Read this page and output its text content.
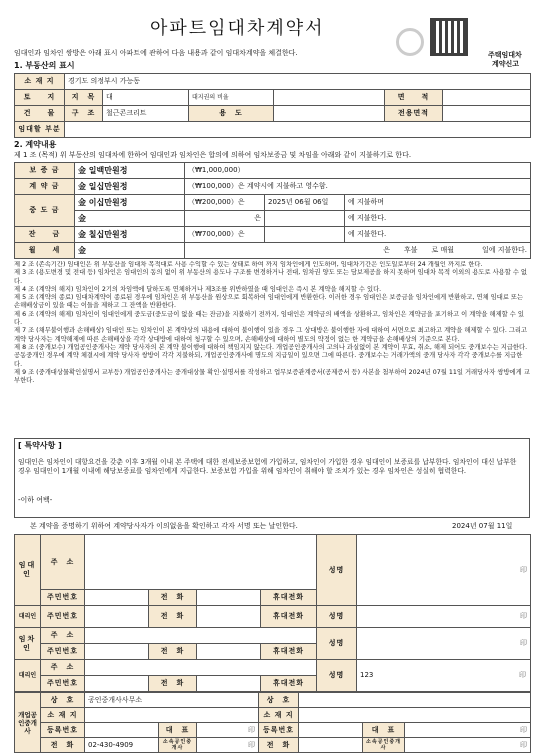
아파트임대차계약서
주택임대차
계약신고
임대인과 임차인 쌍방은 아래 표시 아파트에 관하여 다음 내용과 같이 임대차계약을 체결한다.
1. 부동산의 표시
소 재 지	경기도 의정부시 가능동					
토　　지	지　목	대	대지권의 비율		면　　적	
건　　물	구　조	철근콘크리트	용　도		전용면적	
임대할 부분						
2. 계약내용
제 1 조 (목적) 위 부동산의 임대차에 한하여 임대인과 임차인은 합의에 의하여 임차보증금 및 차임을 아래와 같이 지불하기로 한다.
보 증 금	金 일백만원정	（₩1,000,000）		
계 약 금	金 일십만원정	（₩100,000）은 계약시에 지불하고 영수함.		
중 도 금	金 이십만원정	（₩200,000）은	2025년 06월 06일	에 지불하며
	金	은		에 지불한다.
잔　　금	金 칠십만원정	（₩700,000）은		에 지불한다.
월　　세	金	은　　후불　　로 매월　　　　일에 지불한다.		

제 2 조 (존속기간) 임대인은 위 부동산을 임대차 목적대로 사용 수익할 수 있는 상태로 하여 까지 임차인에게 인도하며, 임대차기간은 인도일로부터 24 개월인 까지로 한다.

제 3 조 (용도변경 및 전대 등) 임차인은 임대인의 동의 없이 위 부동산의 용도나 구조를 변경하거나 전대, 임차권 양도 또는 담보제공을 하지 못하며 임대차 목적 이외의 용도로 사용할 수 없다.

제 4 조 (계약의 해지) 임차인이 2기의 차임액에 달하도록 연체하거나 제3조를 위반하였을 때 임대인은 즉시 본 계약을 해지할 수 있다.

제 5 조 (계약의 종료) 임대차계약이 종료된 경우에 임차인은 위 부동산을 원상으로 회복하여 임대인에게 반환한다. 이러한 경우 임대인은 보증금을 임차인에게 반환하고, 연체 임대료 또는 손해배상금이 있을 때는 이들을 제하고 그 잔액을 반환한다.

제 6 조 (계약의 해제) 임차인이 임대인에게 중도금(중도금이 없을 때는 잔금)을 지불하기 전까지, 임대인은 계약금의 배액을 상환하고, 임차인은 계약금을 포기하고 이 계약을 해제할 수 있다.

제 7 조 (채무불이행과 손해배상) 임대인 또는 임차인이 본 계약상의 내용에 대하여 불이행이 있을 경우 그 상대방은 불이행한 자에 대하여 서면으로 최고하고 계약을 해제할 수 있다. 그리고 계약 당사자는 계약해제에 따른 손해배상을 각각 상대방에 대하여 청구할 수 있으며, 손해배상에 대하여 별도의 약정이 없는 한 계약금을 손해배상의 기준으로 본다.

제 8 조 (중개보수) 개업공인중개사는 계약 당사자의 본 계약 불이행에 대하여 책임지지 않는다. 개업공인중개사의 고의나 과실없이 본 계약이 무효, 취소, 해제 되어도 중개보수는 지급한다. 공동중개인 경우에 계약 체결시에 계약 당사자 쌍방이 각각 지불하되, 개업공인중개사에 명도의 지급일이 있으면 그에 따른다. 중개보수는 거래가액의 중개 당사자 각각 중개보수를 지급한다.

제 9 조 (중개대상물확인설명서 교부등) 개업공인중개사는 중개대상물 확인·설명서를 작성하고 업무보증관계증서(공제증서 등) 사본을 첨부하여 2024년 07월 11일 거래당사자 쌍방에게 교부한다.

[ 특약사항 ]
임대인은 임차인이 대항요건을 갖춘 이후 3개월 이내 본 주택에 대한 전세보증보험에 가입하고, 임차인이 가입한 경우 임대인이 보증료를 납부한다. 임차인이 대신 납부한 경우 임대인이 1개월 이내에 해당보증료를 임차인에게 지급한다. 보증보험 가입을 위해 임차인이 취해야 할 조치가 있는 경우 임차인은 성실히 협력한다.
-이하 여백-
본 계약을 증명하기 위하여 계약당사자가 이의없음을 확인하고 각자 서명 또는 날인한다.	2024년 07월 11일
임대인	주　소					성명	印
	주민번호		전　화		휴대전화		
대리인	주민번호		전　화		휴대전화	성명	印
임차인	주　소					성명	印
	주민번호		전　화		휴대전화		
대리인	주　소					성명	123 印

	주민번호		전　화		휴대전화		
개업공인중개사	상　호	공인중개사사무소			상　호			
	소 재 지				소 재 지			
	등록번호		대　표	印	등록번호		대　표	印
	전　화	02-430-4909	소속공인중개사	印	전　화		소속공인중개사	印
